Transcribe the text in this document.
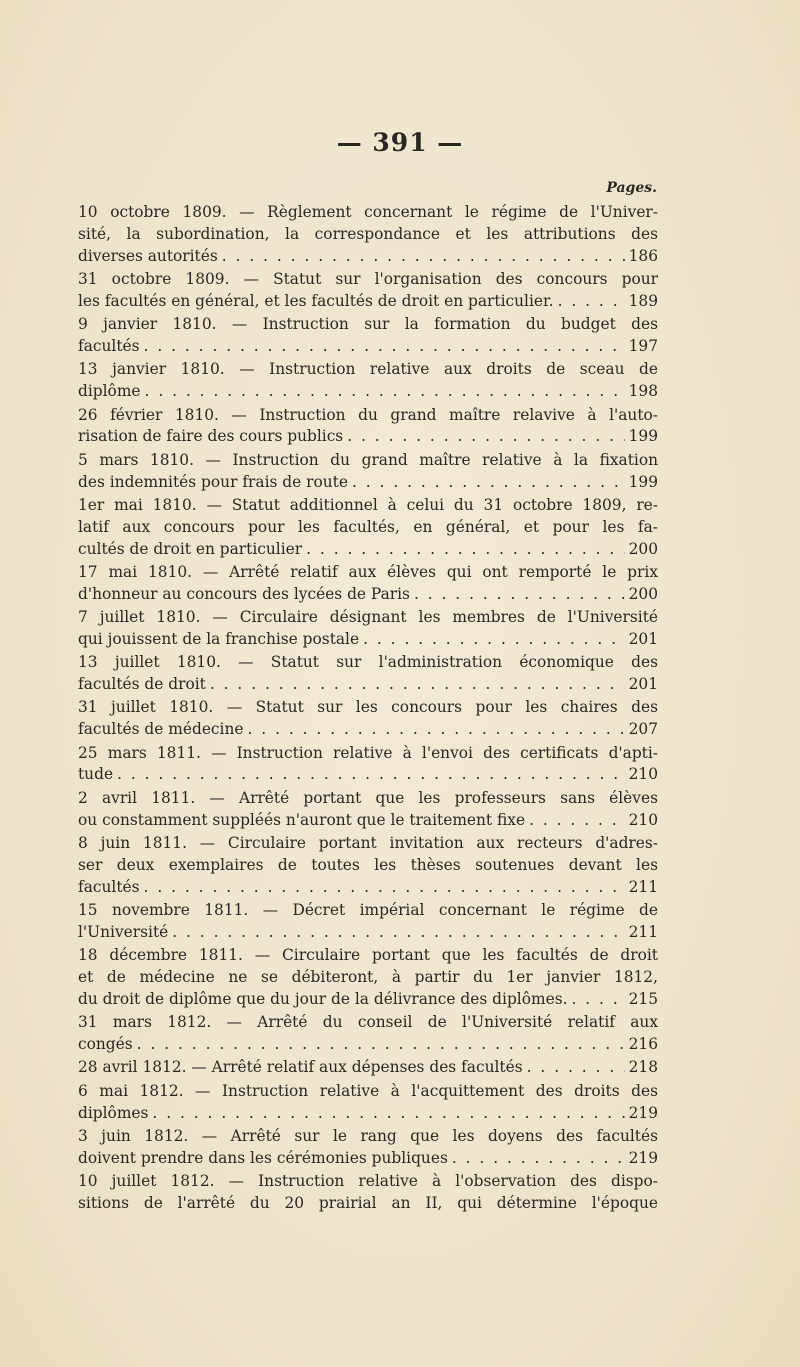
— 391 —
Pages.
10 octobre 1809. — Règlement concernant le régime de l'Univer-
sité, la subordination, la correspondance et les attributions des
diverses autorités . . .	186
31 octobre 1809. — Statut sur l'organisation des concours pour
les facultés en général, et les facultés de droit en particulier. . . .	189
9 janvier 1810. — Instruction sur la formation du budget des
facultés . . .	197
13 janvier 1810. — Instruction relative aux droits de sceau de
diplôme . . .	198
26 février 1810. — Instruction du grand maître relavive à l'auto-
risation de faire des cours publics . . .	199
5 mars 1810. — Instruction du grand maître relative à la fixation
des indemnités pour frais de route . . .	199
1er mai 1810. — Statut additionnel à celui du 31 octobre 1809, re-
latif aux concours pour les facultés, en général, et pour les fa-
cultés de droit en particulier . . .	200
17 mai 1810. — Arrêté relatif aux élèves qui ont remporté le prix
d'honneur au concours des lycées de Paris . . .	200
7 juillet 1810. — Circulaire désignant les membres de l'Université
qui jouissent de la franchise postale . . .	201
13 juillet 1810. — Statut sur l'administration économique des
facultés de droit . . .	201
31 juillet 1810. — Statut sur les concours pour les chaires des
facultés de médecine . . .	207
25 mars 1811. — Instruction relative à l'envoi des certificats d'apti-
tude . . .	210
2 avril 1811. — Arrêté portant que les professeurs sans élèves
ou constamment suppléés n'auront que le traitement fixe . . .	210
8 juin 1811. — Circulaire portant invitation aux recteurs d'adres-
ser deux exemplaires de toutes les thèses soutenues devant les
facultés . . .	211
15 novembre 1811. — Décret impérial concernant le régime de
l'Université . . .	211
18 décembre 1811. — Circulaire portant que les facultés de droit
et de médecine ne se débiteront, à partir du 1er janvier 1812,
du droit de diplôme que du jour de la délivrance des diplômes. . . .	215
31 mars 1812. — Arrêté du conseil de l'Université relatif aux
congés . . .	216
28 avril 1812. — Arrêté relatif aux dépenses des facultés . . .	218
6 mai 1812. — Instruction relative à l'acquittement des droits des
diplômes . . .	219
3 juin 1812. — Arrêté sur le rang que les doyens des facultés
doivent prendre dans les cérémonies publiques . . .	219
10 juillet 1812. — Instruction relative à l'observation des dispo-
sitions de l'arrêté du 20 prairial an II, qui détermine l'époque
